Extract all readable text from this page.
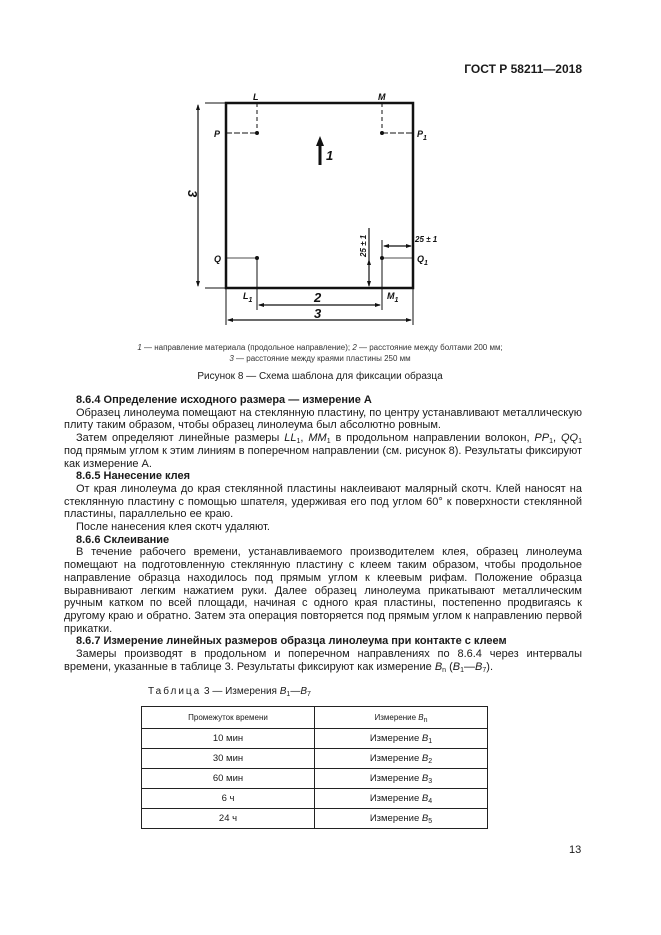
ГОСТ Р 58211—2018
L	M
P	$P_1$
Q	$Q_1$
$L_1$	$M_1$
1
2
3
3
25 ± 1	25 ± 1
1 — направление материала (продольное направление); 2 — расстояние между болтами 200 мм;
3 — расстояние между краями пластины 250 мм
Рисунок 8 — Схема шаблона для фиксации образца
8.6.4 Определение исходного размера — измерение А

Образец линолеума помещают на стеклянную пластину, по центру устанавливают металлическую плиту таким образом, чтобы образец линолеума был абсолютно ровным.

Затем определяют линейные размеры $LL_1$, $MM_1$ в продольном направлении волокон, $PP_1$, $QQ_1$ под прямым углом к этим линиям в поперечном направлении (см. рисунок 8). Результаты фиксируют как измерение А.

8.6.5 Нанесение клея

От края линолеума до края стеклянной пластины наклеивают малярный скотч. Клей наносят на стеклянную пластину с помощью шпателя, удерживая его под углом 60° к поверхности стеклянной пластины, параллельно ее краю.

После нанесения клея скотч удаляют.

8.6.6 Склеивание

В течение рабочего времени, устанавливаемого производителем клея, образец линолеума помещают на подготовленную стеклянную пластину с клеем таким образом, чтобы продольное направление образца находилось под прямым углом к клеевым рифам. Положение образца выравнивают легким нажатием руки. Далее образец линолеума прикатывают металлическим ручным катком по всей площади, начиная с одного края пластины, постепенно продвигаясь к другому краю и обратно. Затем эта операция повторяется под прямым углом к направлению первой прикатки.

8.6.7 Измерение линейных размеров образца линолеума при контакте с клеем

Замеры производят в продольном и поперечном направлениях по 8.6.4 через интервалы времени, указанные в таблице 3. Результаты фиксируют как измерение $B_n$ $(B_1—B_7)$.

Таблица 3 — Измерения $B_1—B_7$
Промежуток времени	Измерение $B_n$
10 мин	Измерение $B_1$
30 мин	Измерение $B_2$
60 мин	Измерение $B_3$
6 ч	Измерение $B_4$
24 ч	Измерение $B_5$
13
